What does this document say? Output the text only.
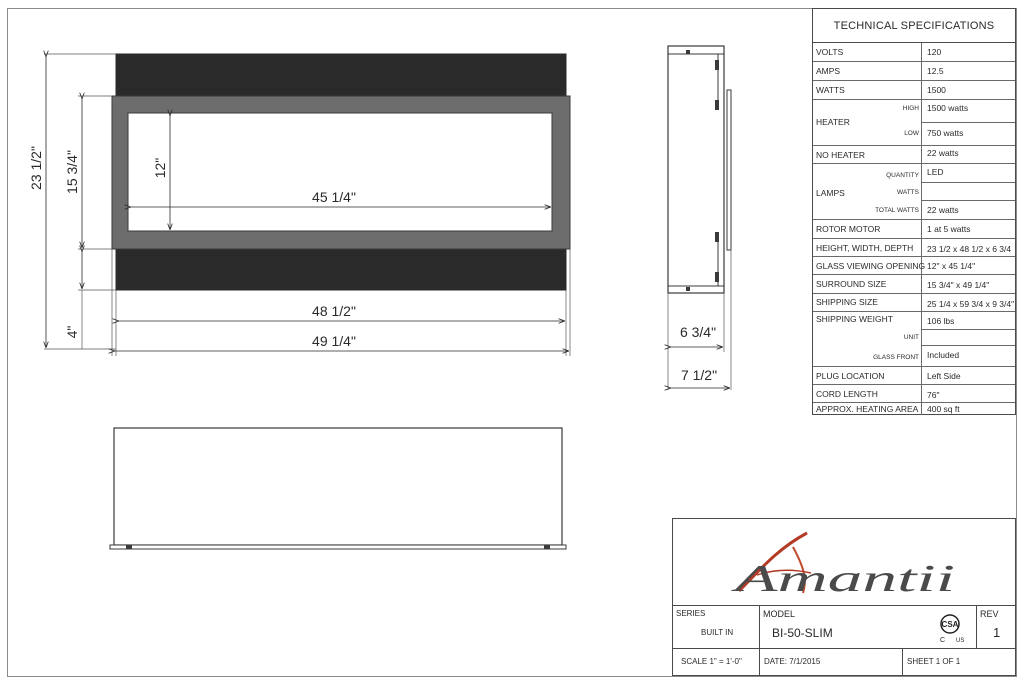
23 1/2" 15 3/4"
4"
12"
45 1/4"
48 1/2"
49 1/4"
6 3/4"
7 1/2"
TECHNICAL SPECIFICATIONS
VOLTS	120
AMPS	12.5
WATTS	1500
HEATER
HIGH 1500 watts
LOW 750 watts
NO HEATER	22 watts
LAMPS
QUANTITY LED
WATTS
TOTAL WATTS 22 watts
ROTOR MOTOR	1 at 5 watts
HEIGHT, WIDTH, DEPTH 23 1/2 x 48 1/2 x 6 3/4
GLASS VIEWING OPENING 12" x 45 1/4"
SURROUND SIZE	15 3/4" x 49 1/4"
SHIPPING SIZE	25 1/4 x 59 3/4 x 9 3/4"
SHIPPING WEIGHT	106 lbs
UNIT
GLASS FRONT Included
PLUG LOCATION	Left Side
CORD LENGTH	76"
APPROX. HEATING AREA 400 sq ft
Amantii
SERIES
BUILT IN
MODEL
BI-50-SLIM
CSA
C US
REV
1
SCALE 1" = 1'-0"	DATE: 7/1/2015	SHEET 1 OF 1
